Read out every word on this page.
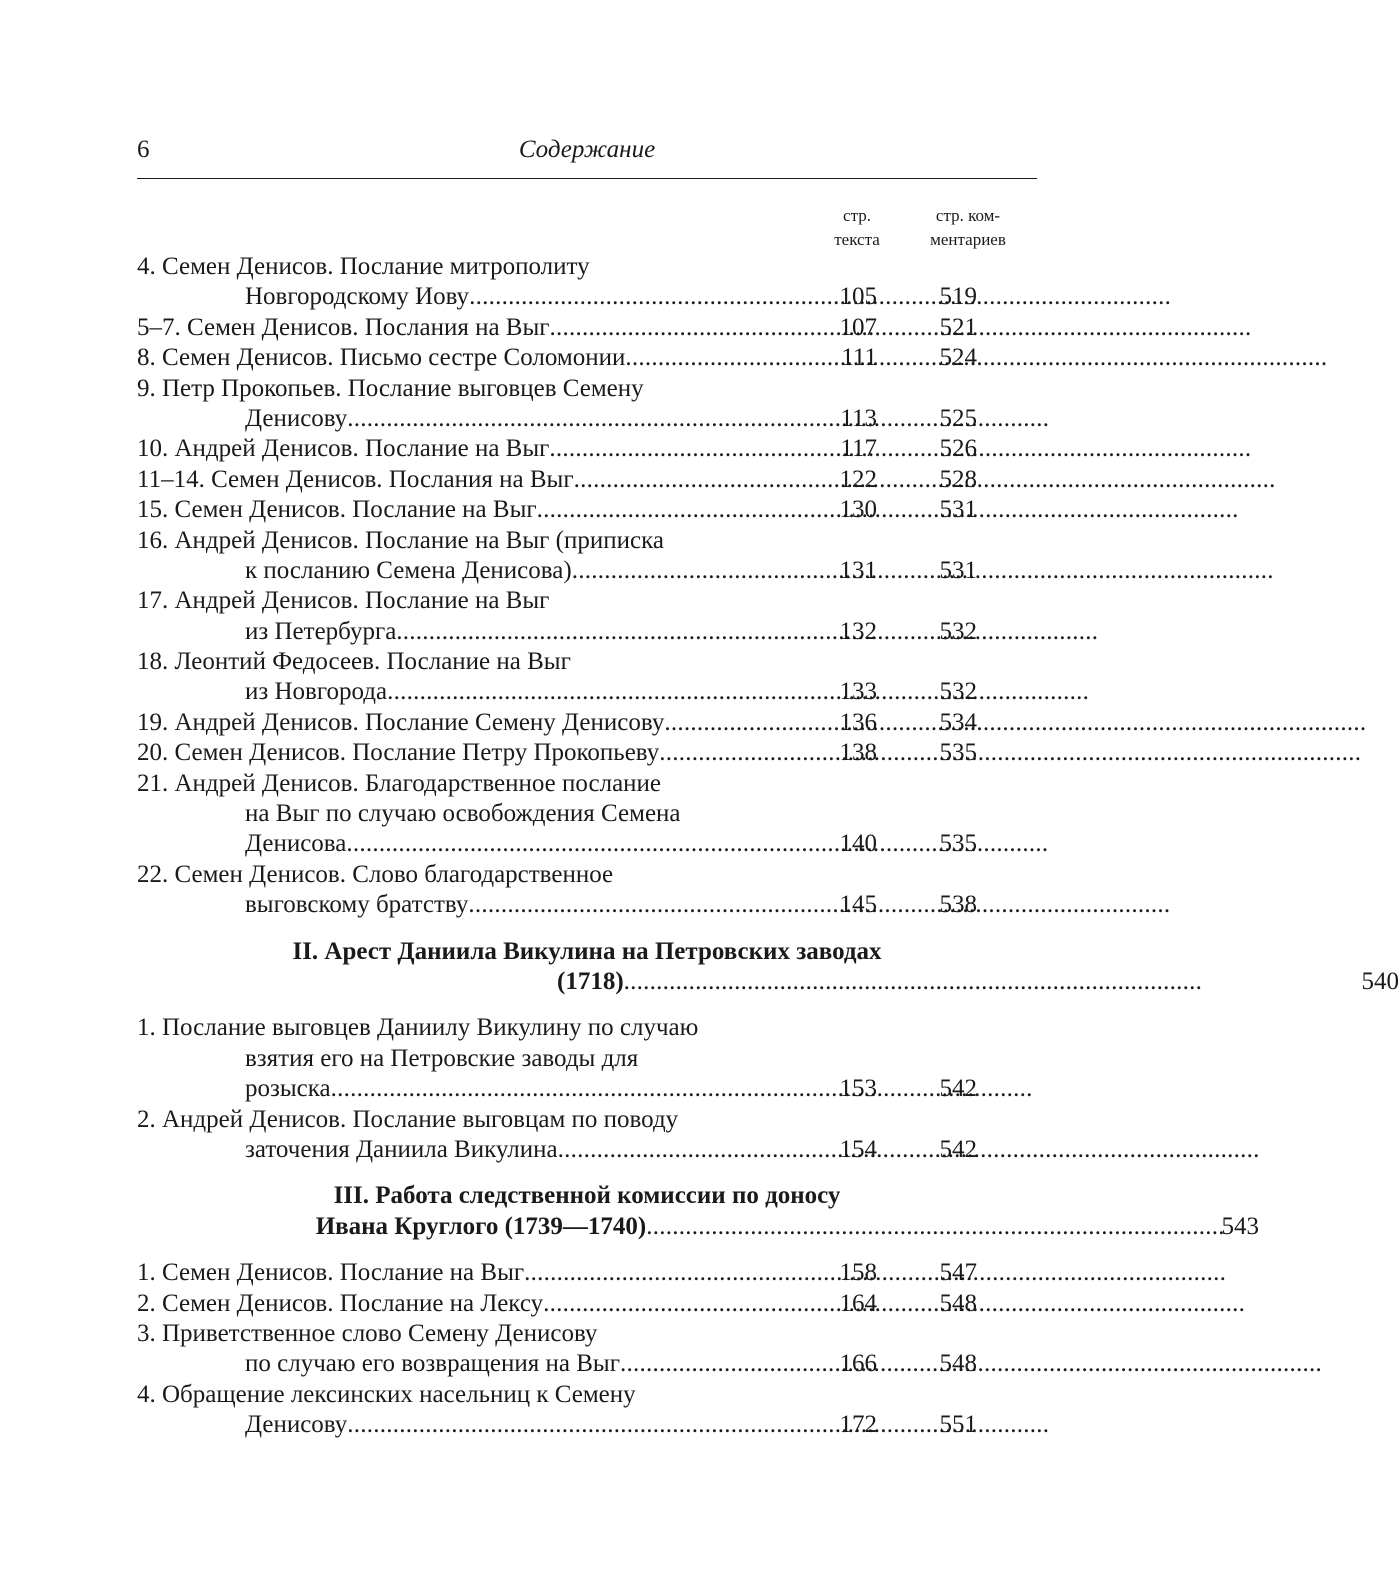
6	Содержание
стр.
текста
стр. ком-
ментариев
4. Семен Денисов. Послание митрополиту
Новгородскому Иову . . .	105	519
5–7. Семен Денисов. Послания на Выг . . .	107	521
8. Семен Денисов. Письмо сестре Соломонии . . .	111	524
9. Петр Прокопьев. Послание выговцев Семену
Денисову . . .	113	525
10. Андрей Денисов. Послание на Выг . . .	117	526
11–14. Семен Денисов. Послания на Выг . . .	122	528
15. Семен Денисов. Послание на Выг . . .	130	531
16. Андрей Денисов. Послание на Выг (приписка
к посланию Семена Денисова) . . .	131	531
17. Андрей Денисов. Послание на Выг
из Петербурга . . .	132	532
18. Леонтий Федосеев. Послание на Выг
из Новгорода . . .	133	532
19. Андрей Денисов. Послание Семену Денисову . . .	136	534
20. Семен Денисов. Послание Петру Прокопьеву . . .	138	535
21. Андрей Денисов. Благодарственное послание
на Выг по случаю освобождения Семена
Денисова . . .	140	535
22. Семен Денисов. Слово благодарственное
выговскому братству . . .	145	538
II. Арест Даниила Викулина на Петровских заводах
(1718) . . .	540
1. Послание выговцев Даниилу Викулину по случаю
взятия его на Петровские заводы для
розыска . . .	153	542
2. Андрей Денисов. Послание выговцам по поводу
заточения Даниила Викулина . . .	154	542
III. Работа следственной комиссии по доносу
Ивана Круглого (1739—1740) . . .	543
1. Семен Денисов. Послание на Выг . . .	158	547
2. Семен Денисов. Послание на Лексу . . .	164	548
3. Приветственное слово Семену Денисову
по случаю его возвращения на Выг . . .	166	548
4. Обращение лексинских насельниц к Семену
Денисову . . .	172	551
